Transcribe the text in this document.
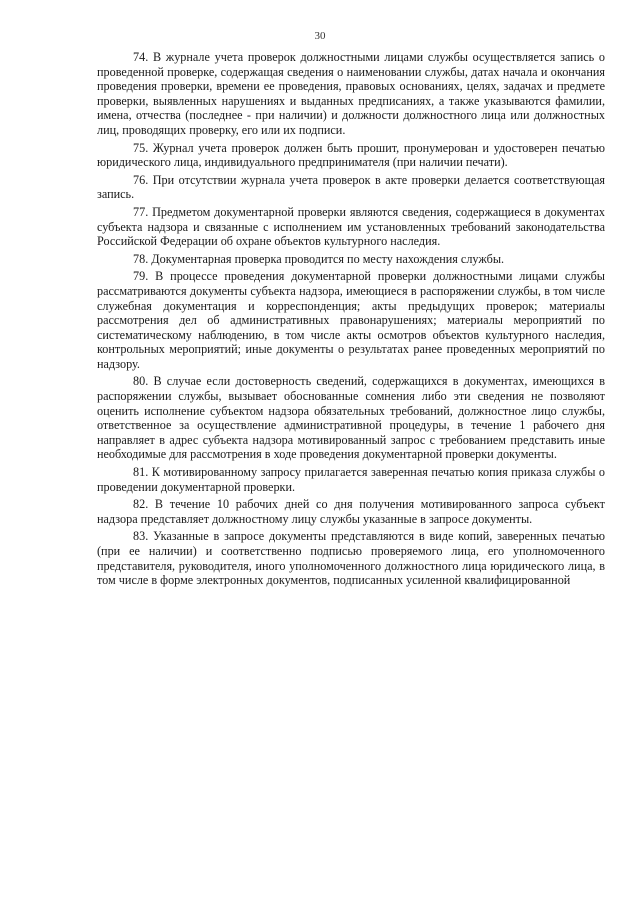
30

74. В журнале учета проверок должностными лицами службы осуществляется запись о проведенной проверке, содержащая сведения о наименовании службы, датах начала и окончания проведения проверки, времени ее проведения, правовых основаниях, целях, задачах и предмете проверки, выявленных нарушениях и выданных предписаниях, а также указываются фамилии, имена, отчества (последнее - при наличии) и должности должностного лица или должностных лиц, проводящих проверку, его или их подписи.

75. Журнал учета проверок должен быть прошит, пронумерован и удостоверен печатью юридического лица, индивидуального предпринимателя (при наличии печати).

76. При отсутствии журнала учета проверок в акте проверки делается соответствующая запись.

77. Предметом документарной проверки являются сведения, содержащиеся в документах субъекта надзора и связанные с исполнением им установленных требований законодательства Российской Федерации об охране объектов культурного наследия.

78. Документарная проверка проводится по месту нахождения службы.

79. В процессе проведения документарной проверки должностными лицами службы рассматриваются документы субъекта надзора, имеющиеся в распоряжении службы, в том числе служебная документация и корреспонденция; акты предыдущих проверок; материалы рассмотрения дел об административных правонарушениях; материалы мероприятий по систематическому наблюдению, в том числе акты осмотров объектов культурного наследия, контрольных мероприятий; иные документы о результатах ранее проведенных мероприятий по надзору.

80. В случае если достоверность сведений, содержащихся в документах, имеющихся в распоряжении службы, вызывает обоснованные сомнения либо эти сведения не позволяют оценить исполнение субъектом надзора обязательных требований, должностное лицо службы, ответственное за осуществление административной процедуры, в течение 1 рабочего дня направляет в адрес субъекта надзора мотивированный запрос с требованием представить иные необходимые для рассмотрения в ходе проведения документарной проверки документы.

81. К мотивированному запросу прилагается заверенная печатью копия приказа службы о проведении документарной проверки.

82. В течение 10 рабочих дней со дня получения мотивированного запроса субъект надзора представляет должностному лицу службы указанные в запросе документы.

83. Указанные в запросе документы представляются в виде копий, заверенных печатью (при ее наличии) и соответственно подписью проверяемого лица, его уполномоченного представителя, руководителя, иного уполномоченного должностного лица юридического лица, в том числе в форме электронных документов, подписанных усиленной квалифицированной
